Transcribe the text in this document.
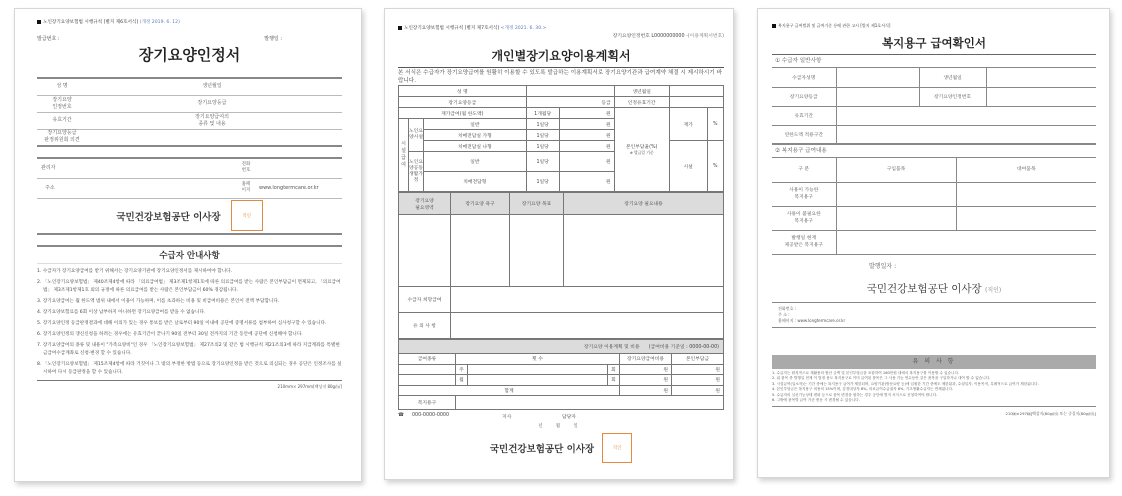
노인장기요양보험법 시행규칙 [별지 제6호서식] (개정 2019. 6. 12)
발급번호 :	발행일 :
장기요양인정서
성 명		생년월일	
장기요양
인정번호		장기요양등급	
유효기간		장기요양급여의
종류 및 내용	
장기요양등급
판정위원회 의견			
관리자		전화
번호	
주소		홈페
이지	www.longtermcare.or.kr
국민건강보험공단 이사장	직인
수급자 안내사항
1. 수급자가 장기요양급여를 받기 위해서는 장기요양기관에 장기요양인정서를 제시하여야 합니다.
2. 「노인장기요양보험법」 제40조제4항에 따라 「의료급여법」 제3조제1항제1호에 따른 의료급여를 받는 사람은 본인부담금이 면제되고, 「의료급여법」 제3조제1항제1호 외의 규정에 따른 의료급여를 받는 사람은 본인부담금이 60% 경감됩니다.
3. 장기요양급여는 월 한도액 범위 내에서 이용이 가능하며, 이를 초과하는 비용 및 비급여비용은 본인이 전액 부담합니다.
4. 장기요양보험료를 6회 이상 납부하지 아니하면 장기요양급여를 받을 수 없습니다.
5. 장기요양인정 등급판정결과에 대해 이의가 있는 경우 통보를 받은 날로부터 90일 이내에 공단에 증명서류를 첨부하여 심사청구할 수 있습니다.
6. 장기요양인정의 갱신신청을 하려는 경우에는 유효기간이 끝나기 90일 전부터 30일 전까지의 기간 동안에 공단에 신청해야 합니다.
7. 장기요양급여의 종류 및 내용이 "가족요양비"인 경우 「노인장기요양보험법」 제27조의2 및 같은 법 시행규칙 제21조의3에 따라 지급계좌를 특별현금급여수급계좌로 신청·변경 할 수 있습니다.
8. 「노인장기요양보험법」 제15조제4항에 따라 거짓이나 그 밖의 부정한 방법 등으로 장기요양인정을 받은 것으로 의심되는 경우 공단은 인정조사를 실시하여 다시 등급판정을 할 수 있습니다.
210mm× 297mm[백상지 80g/㎡]
노인장기요양보험법 시행규칙 [별지 제7호서식] <개정 2021. 6. 30.>
장기요양인정번호 L0000000000 -(이용계획서번호)
개인별장기요양이용계획서
본 서식은 수급자가 장기요양급여를 원활히 이용할 수 있도록 발급하는 이용계획서로 장기요양기관과 급여계약 체결 시 제시하시기 바랍니다.
성 명					생년월일		
장기요양등급			등급		인정유효기간		
재가급여(월 한도액)			1개월당	원	본인부담율(%)
※ 발급일 기준	재가	%
시설급여	노인요양시설	일반	1일당	원			
		치매전담실 가형	1일당	원			
		치매전담실 나형	1일당	원		시설	%
	노인요양공동생활가정	일반	1일당	원			
		치매전담형	1일당	원			
장기요양
필요영역	장기요양 욕구	장기요양 목표	장기요양 필요내용

수급자 희망급여			
유 의 사 항			
장기요양 이용계획 및 비용 (급여비용 기준일 : 0000-00-00)					
급여종류	횟 수			장기요양급여비용	본인부담금
	주		회	원	원
	월		회	원	원
합계				원	원
복지용구					
☎	000-0000-0000	지사	담당자
년 월 일
국민건강보험공단 이사장	직인
복지용구 급여범위 및 급여기준 등에 관한 고시 [별지 제1호서식]
복지용구 급여확인서
① 수급자 일반사항
수급자성명		생년월일	
장기요양등급		장기요양인정번호	
유효기간			
연한도액 적용구간			
② 복지용구 급여내용
구 분	구입품목	대여품목
사용이 가능한
복지용구		
사용이 불필요한
복지용구		
발행일 현재
제공받은 복지용구		
발행일자 :
국민건강보험공단 이사장 (직인)
전화번호 :
주 소 :
홈페이지 : www.longtermcare.or.kr
유 의 사 항
1. 수급자는 원칙적으로 재활용의 합산 금액 및 본인부담금을 포함하여 160만원 내에서 복지용구를 이용할 수 있습니다.
2. 위 품목 중 발행일 현재 이 법정 용도 복지용구로 이미 급여된 품목은 그 사용 가능 연수동안 같은 품목을 구입하거나 대여 할 수 없습니다.
3. 시설급여(입소자)는 기간 중에는 복지용구 급여가 제한되며, 요양기관(방문요양 등)에 입원한 기간 중에도 제한됨과, 수령일자, 이용목적, 특례적으로 급여가 제한됩니다.
4. 본인부담금은 복지용구 비용의 15%이며, 감경대상자 8%, 의료급여수급권자 6%, 기초생활수급자는 면제됩니다.
5. 수급자의 심신기능상태 변화 등으로 품목 변경을 원하는 경우 공단에 별지 서식으로 신청하여야 합니다.
6. 그밖에 품목별 급여 기준 변동 시 변경될 수 있습니다.
210㎜×297㎜[백상지(80g/㎡) 또는 중질지(80g/㎡)]
